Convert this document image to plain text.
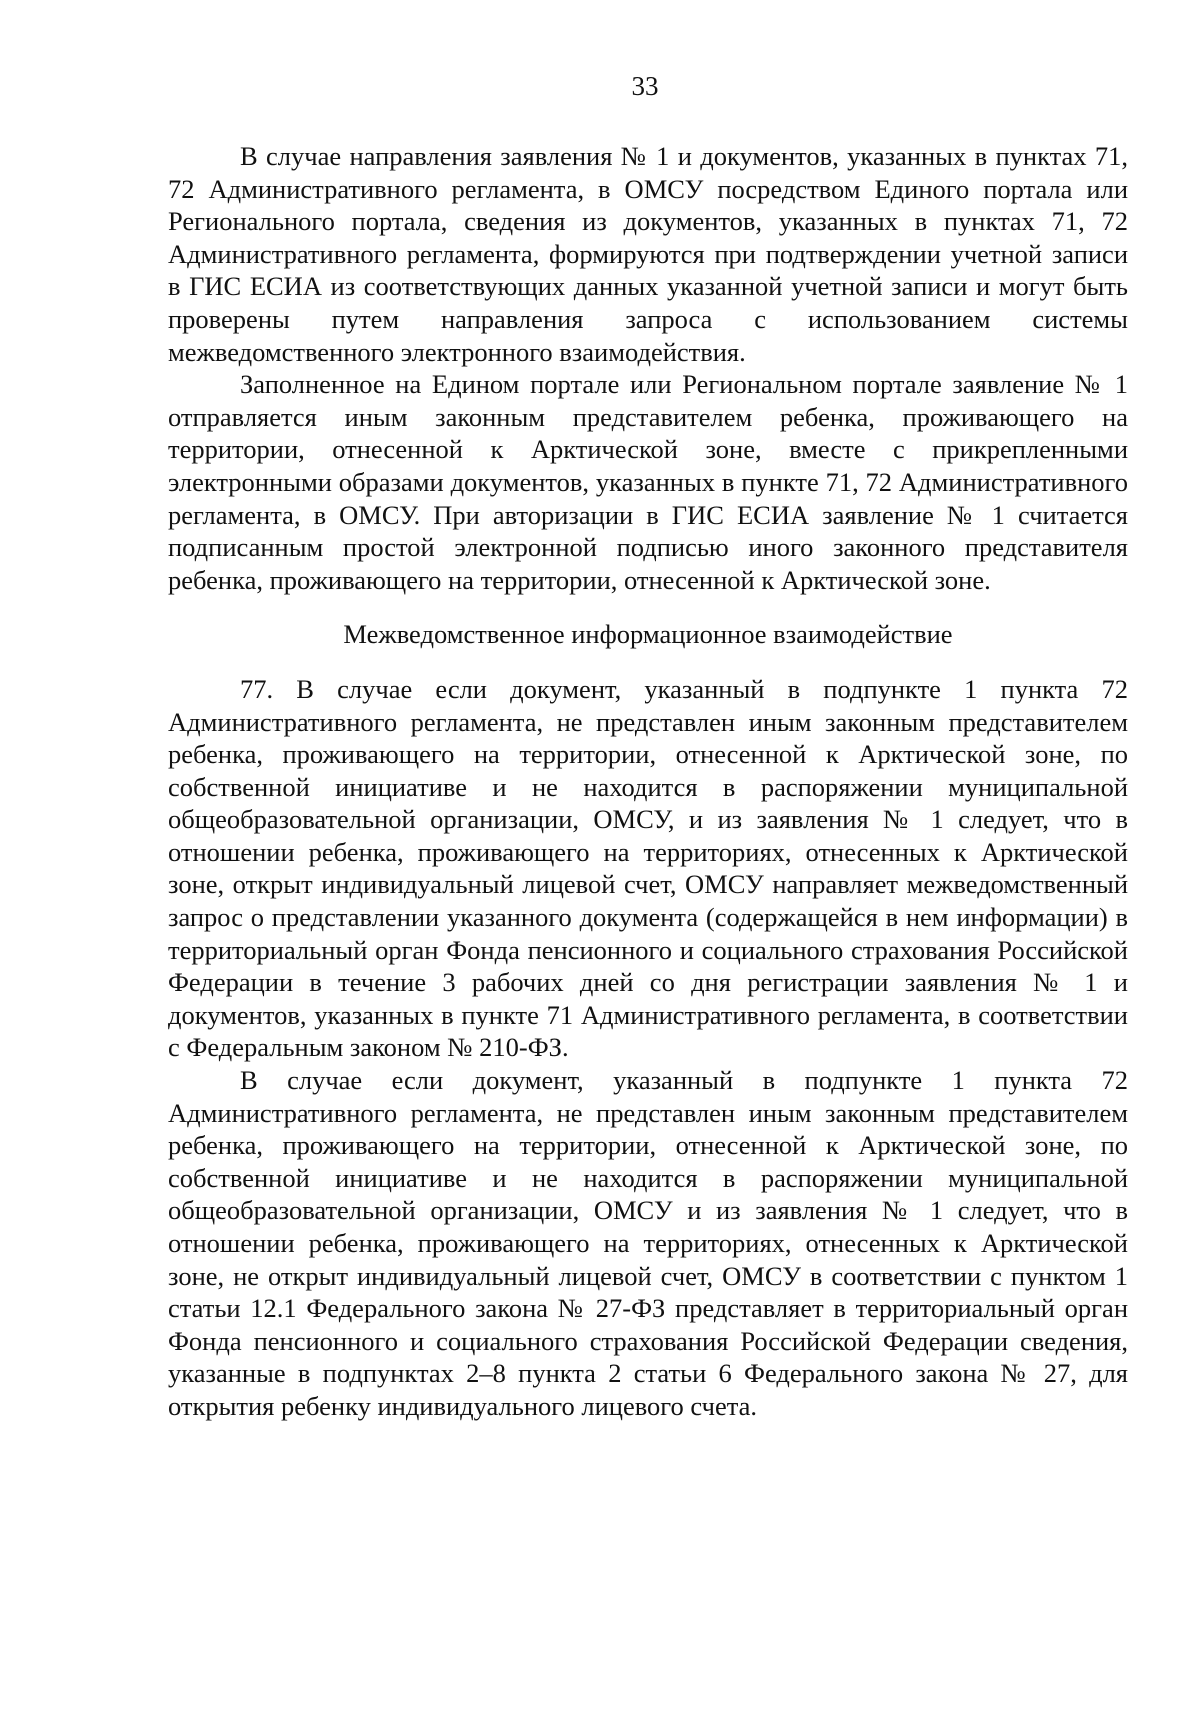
33

В случае направления заявления № 1 и документов, указанных в пунктах 71, 72 Административного регламента, в ОМСУ посредством Единого портала или Регионального портала, сведения из документов, указанных в пунктах 71, 72 Административного регламента, формируются при подтверждении учетной записи в ГИС ЕСИА из соответствующих данных указанной учетной записи и могут быть проверены путем направления запроса с использованием системы межведомственного электронного взаимодействия.

Заполненное на Едином портале или Региональном портале заявление № 1 отправляется иным законным представителем ребенка, проживающего на территории, отнесенной к Арктической зоне, вместе с прикрепленными электронными образами документов, указанных в пункте 71, 72 Административного регламента, в ОМСУ. При авторизации в ГИС ЕСИА заявление № 1 считается подписанным простой электронной подписью иного законного представителя ребенка, проживающего на территории, отнесенной к Арктической зоне.

Межведомственное информационное взаимодействие

77. В случае если документ, указанный в подпункте 1 пункта 72 Административного регламента, не представлен иным законным представителем ребенка, проживающего на территории, отнесенной к Арктической зоне, по собственной инициативе и не находится в распоряжении муниципальной общеобразовательной организации, ОМСУ, и из заявления № 1 следует, что в отношении ребенка, проживающего на территориях, отнесенных к Арктической зоне, открыт индивидуальный лицевой счет, ОМСУ направляет межведомственный запрос о представлении указанного документа (содержащейся в нем информации) в территориальный орган Фонда пенсионного и социального страхования Российской Федерации в течение 3 рабочих дней со дня регистрации заявления № 1 и документов, указанных в пункте 71 Административного регламента, в соответствии с Федеральным законом № 210-ФЗ.

В случае если документ, указанный в подпункте 1 пункта 72 Административного регламента, не представлен иным законным представителем ребенка, проживающего на территории, отнесенной к Арктической зоне, по собственной инициативе и не находится в распоряжении муниципальной общеобразовательной организации, ОМСУ и из заявления № 1 следует, что в отношении ребенка, проживающего на территориях, отнесенных к Арктической зоне, не открыт индивидуальный лицевой счет, ОМСУ в соответствии с пунктом 1 статьи 12.1 Федерального закона № 27-ФЗ представляет в территориальный орган Фонда пенсионного и социального страхования Российской Федерации сведения, указанные в подпунктах 2–8 пункта 2 статьи 6 Федерального закона № 27, для открытия ребенку индивидуального лицевого счета.
